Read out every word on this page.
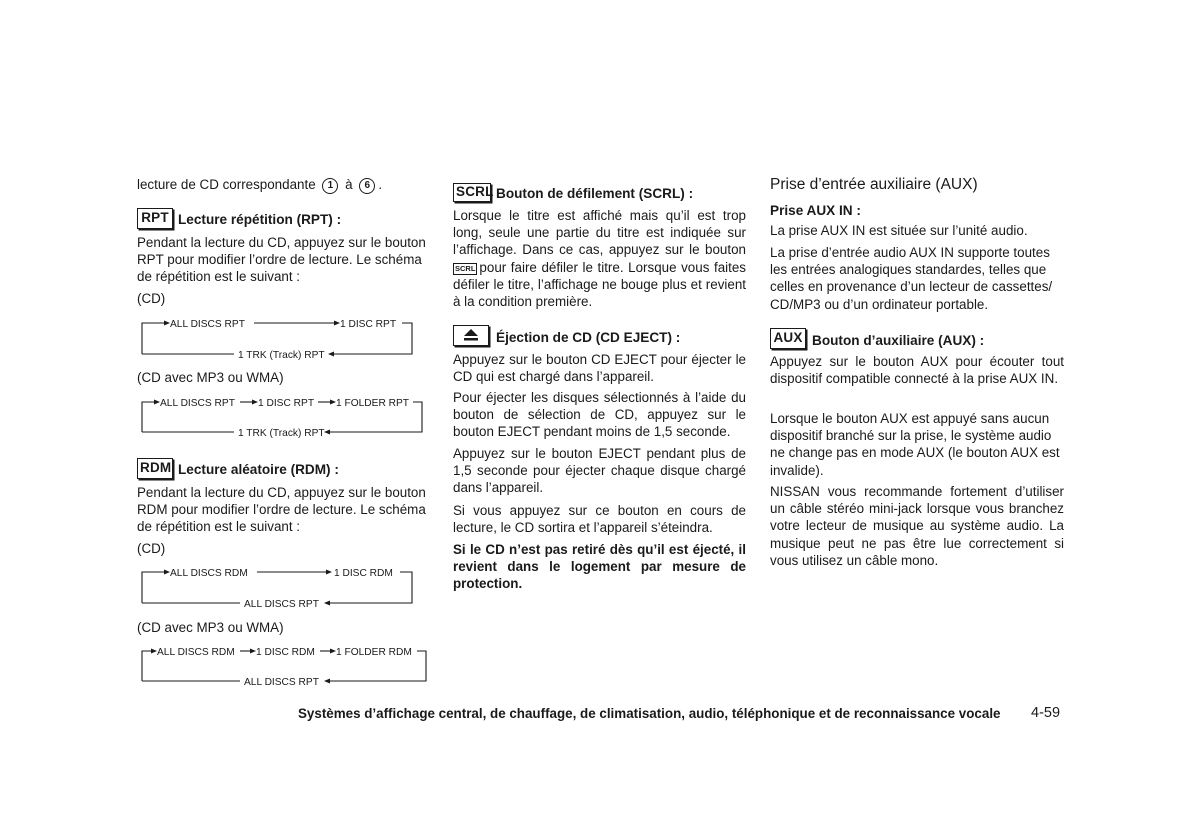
lecture de CD correspondante 1 à 6 .

RPT Lecture répétition (RPT) :

Pendant la lecture du CD, appuyez sur le bouton RPT pour modifier l’ordre de lecture. Le schéma de répétition est le suivant :

(CD)

ALL DISCS RPT	1 DISC RPT
1 TRK (Track) RPT

(CD avec MP3 ou WMA)

ALL DISCS RPT 1 DISC RPT 1 FOLDER RPT
1 TRK (Track) RPT
RDM Lecture aléatoire (RDM) :

Pendant la lecture du CD, appuyez sur le bouton RDM pour modifier l’ordre de lecture. Le schéma de répétition est le suivant :

(CD)

ALL DISCS RDM	1 DISC RDM
ALL DISCS RPT

(CD avec MP3 ou WMA)

ALL DISCS RDM 1 DISC RDM 1 FOLDER RDM
ALL DISCS RPT
SCRL Bouton de défilement (SCRL) :

Lorsque le titre est affiché mais qu’il est trop long, seule une partie du titre est indiquée sur l’affichage. Dans ce cas, appuyez sur le bouton SCRL pour faire défiler le titre. Lorsque vous faites défiler le titre, l’affichage ne bouge plus et revient à la condition première.

Éjection de CD (CD EJECT) :

Appuyez sur le bouton CD EJECT pour éjecter le CD qui est chargé dans l’appareil.

Pour éjecter les disques sélectionnés à l’aide du bouton de sélection de CD, appuyez sur le bouton EJECT pendant moins de 1,5 seconde.

Appuyez sur le bouton EJECT pendant plus de 1,5 seconde pour éjecter chaque disque chargé dans l’appareil.

Si vous appuyez sur ce bouton en cours de lecture, le CD sortira et l’appareil s’éteindra.

Si le CD n’est pas retiré dès qu’il est éjecté, il revient dans le logement par mesure de protection.

Prise d’entrée auxiliaire (AUX)
Prise AUX IN :

La prise AUX IN est située sur l’unité audio.

La prise d’entrée audio AUX IN supporte toutes les entrées analogiques standardes, telles que celles en provenance d’un lecteur de cassettes/ CD/MP3 ou d’un ordinateur portable.

AUX Bouton d’auxiliaire (AUX) :

Appuyez sur le bouton AUX pour écouter tout dispositif compatible connecté à la prise AUX IN.

Lorsque le bouton AUX est appuyé sans aucun dispositif branché sur la prise, le système audio ne change pas en mode AUX (le bouton AUX est invalide).

NISSAN vous recommande fortement d’utiliser un câble stéréo mini-jack lorsque vous branchez votre lecteur de musique au système audio. La musique peut ne pas être lue correctement si vous utilisez un câble mono.

Systèmes d’affichage central, de chauffage, de climatisation, audio, téléphonique et de reconnaissance vocale 4-59
